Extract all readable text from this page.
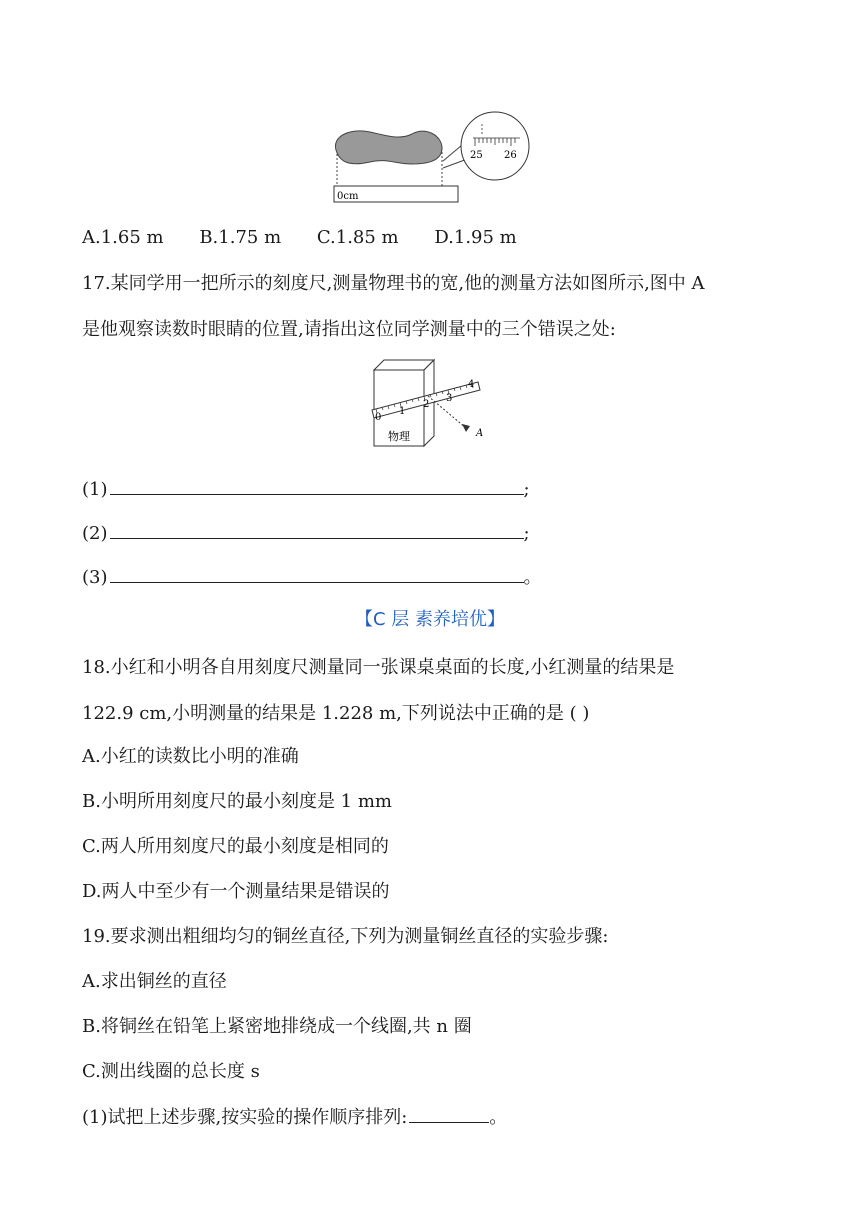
0cm
25 26
A.1.65 m B.1.75 m C.1.85 m D.1.95 m
17.某同学用一把所示的刻度尺,测量物理书的宽,他的测量方法如图所示,图中 A
是他观察读数时眼睛的位置,请指出这位同学测量中的三个错误之处:
物理
0
1
2
3
4
A
(1)	;
(2)	;
(3)	。
【C 层 素养培优】
18.小红和小明各自用刻度尺测量同一张课桌桌面的长度,小红测量的结果是
122.9 cm,小明测量的结果是 1.228 m,下列说法中正确的是 ( )
A.小红的读数比小明的准确
B.小明所用刻度尺的最小刻度是 1 mm
C.两人所用刻度尺的最小刻度是相同的
D.两人中至少有一个测量结果是错误的
19.要求测出粗细均匀的铜丝直径,下列为测量铜丝直径的实验步骤:
A.求出铜丝的直径
B.将铜丝在铅笔上紧密地排绕成一个线圈,共 n 圈
C.测出线圈的总长度 s
(1)试把上述步骤,按实验的操作顺序排列:	。
